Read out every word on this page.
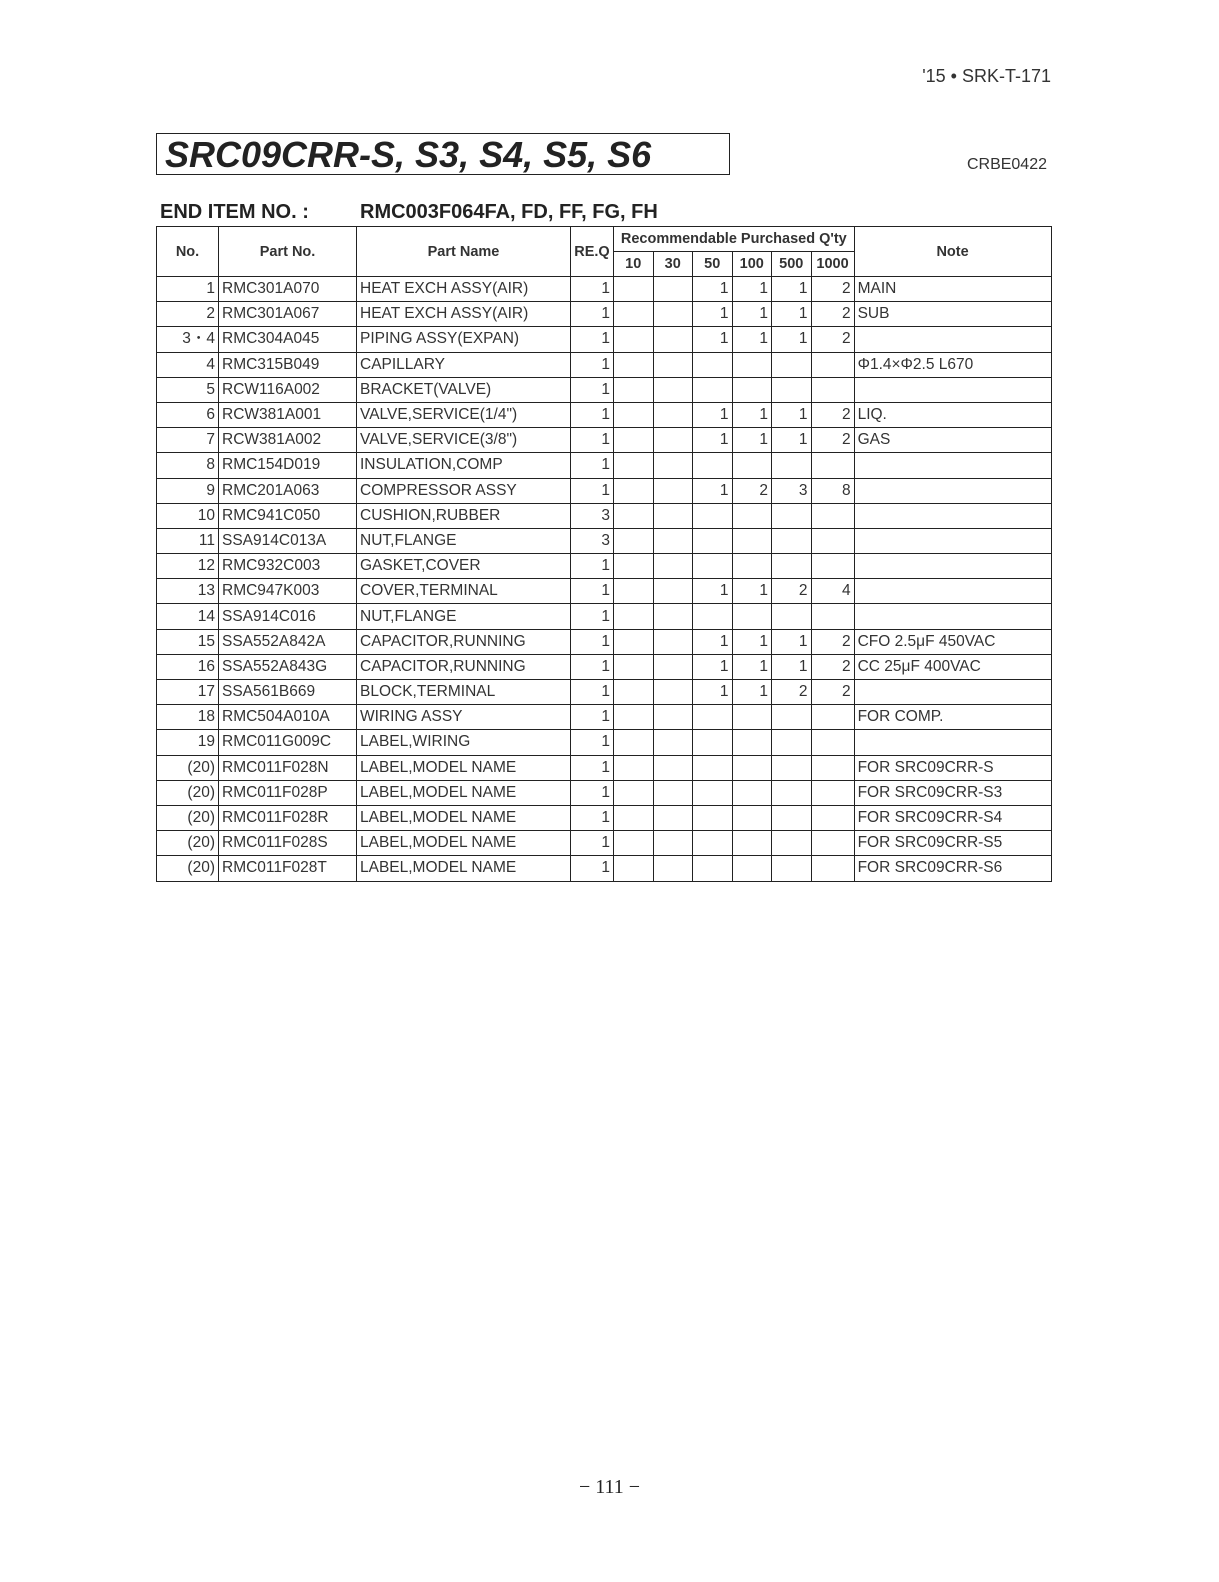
'15 • SRK-T-171
SRC09CRR-S, S3, S4, S5, S6	CRBE0422
END ITEM NO. :	RMC003F064FA, FD, FF, FG, FH
No.	Part No.	Part Name	RE.Q	Recommendable Purchased Q'ty						Note
				10	30	50	100	500	1000	
1	RMC301A070	HEAT EXCH ASSY(AIR)	1			1	1	1	2	MAIN
2	RMC301A067	HEAT EXCH ASSY(AIR)	1			1	1	1	2	SUB
3・4	RMC304A045	PIPING ASSY(EXPAN)	1			1	1	1	2	
4	RMC315B049	CAPILLARY	1							Φ1.4×Φ2.5 L670
5	RCW116A002	BRACKET(VALVE)	1							
6	RCW381A001	VALVE,SERVICE(1/4")	1			1	1	1	2	LIQ.
7	RCW381A002	VALVE,SERVICE(3/8")	1			1	1	1	2	GAS
8	RMC154D019	INSULATION,COMP	1							
9	RMC201A063	COMPRESSOR ASSY	1			1	2	3	8	
10	RMC941C050	CUSHION,RUBBER	3							
11	SSA914C013A	NUT,FLANGE	3							
12	RMC932C003	GASKET,COVER	1							
13	RMC947K003	COVER,TERMINAL	1			1	1	2	4	
14	SSA914C016	NUT,FLANGE	1							
15	SSA552A842A	CAPACITOR,RUNNING	1			1	1	1	2	CFO 2.5μF 450VAC
16	SSA552A843G	CAPACITOR,RUNNING	1			1	1	1	2	CC 25μF 400VAC
17	SSA561B669	BLOCK,TERMINAL	1			1	1	2	2	
18	RMC504A010A	WIRING ASSY	1							FOR COMP.
19	RMC011G009C	LABEL,WIRING	1							
(20)	RMC011F028N	LABEL,MODEL NAME	1							FOR SRC09CRR-S
(20)	RMC011F028P	LABEL,MODEL NAME	1							FOR SRC09CRR-S3
(20)	RMC011F028R	LABEL,MODEL NAME	1							FOR SRC09CRR-S4
(20)	RMC011F028S	LABEL,MODEL NAME	1							FOR SRC09CRR-S5
(20)	RMC011F028T	LABEL,MODEL NAME	1							FOR SRC09CRR-S6
− 111 −
